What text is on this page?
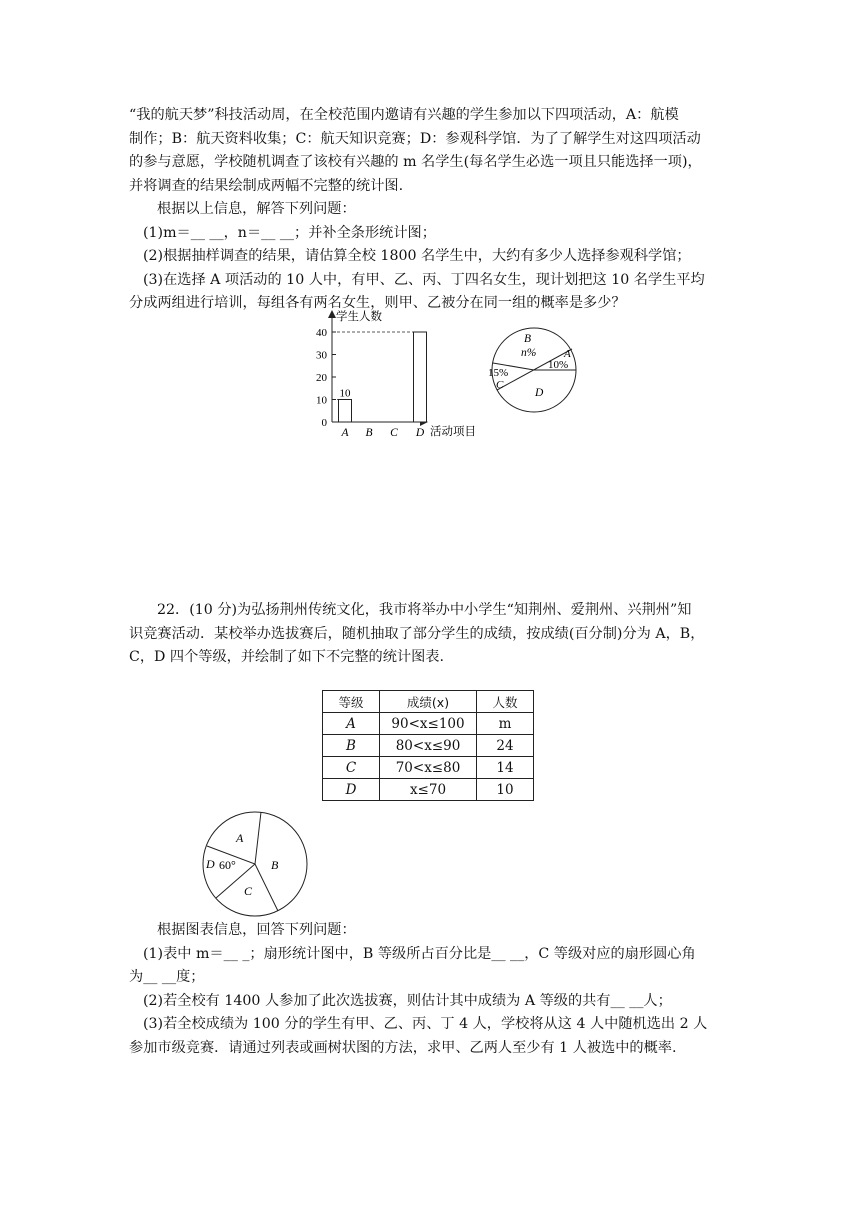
“我的航天梦”科技活动周，在全校范围内邀请有兴趣的学生参加以下四项活动，A：航模

制作；B：航天资料收集；C：航天知识竞赛；D：参观科学馆．为了了解学生对这四项活动

的参与意愿，学校随机调查了该校有兴趣的 m 名学生(每名学生必选一项且只能选择一项)，

并将调查的结果绘制成两幅不完整的统计图.

根据以上信息，解答下列问题：

(1)m＝__ __，n＝__ __；并补全条形统计图；

(2)根据抽样调查的结果，请估算全校 1800 名学生中，大约有多少人选择参观科学馆；

(3)在选择 A 项活动的 10 人中，有甲、乙、丙、丁四名女生，现计划把这 10 名学生平均

分成两组进行培训，每组各有两名女生，则甲、乙被分在同一组的概率是多少？

学生人数
活动项目
0
10
20
30
40
10
A B C D
B
n%	A
10%
15%
C
D

22．(10 分)为弘扬荆州传统文化，我市将举办中小学生“知荆州、爱荆州、兴荆州”知

识竞赛活动．某校举办选拔赛后，随机抽取了部分学生的成绩，按成绩(百分制)分为 A，B，

C，D 四个等级，并绘制了如下不完整的统计图表.

等级	成绩(x)	人数
A	90<x≤100	m
B	80<x≤90	24
C	70<x≤80	14
D	x≤70	10
A
B
C
D 60°

根据图表信息，回答下列问题：

(1)表中 m＝__ _；扇形统计图中，B 等级所占百分比是__ __，C 等级对应的扇形圆心角

为__ __度；

(2)若全校有 1400 人参加了此次选拔赛，则估计其中成绩为 A 等级的共有__ __人；

(3)若全校成绩为 100 分的学生有甲、乙、丙、丁 4 人，学校将从这 4 人中随机选出 2 人

参加市级竞赛．请通过列表或画树状图的方法，求甲、乙两人至少有 1 人被选中的概率.
